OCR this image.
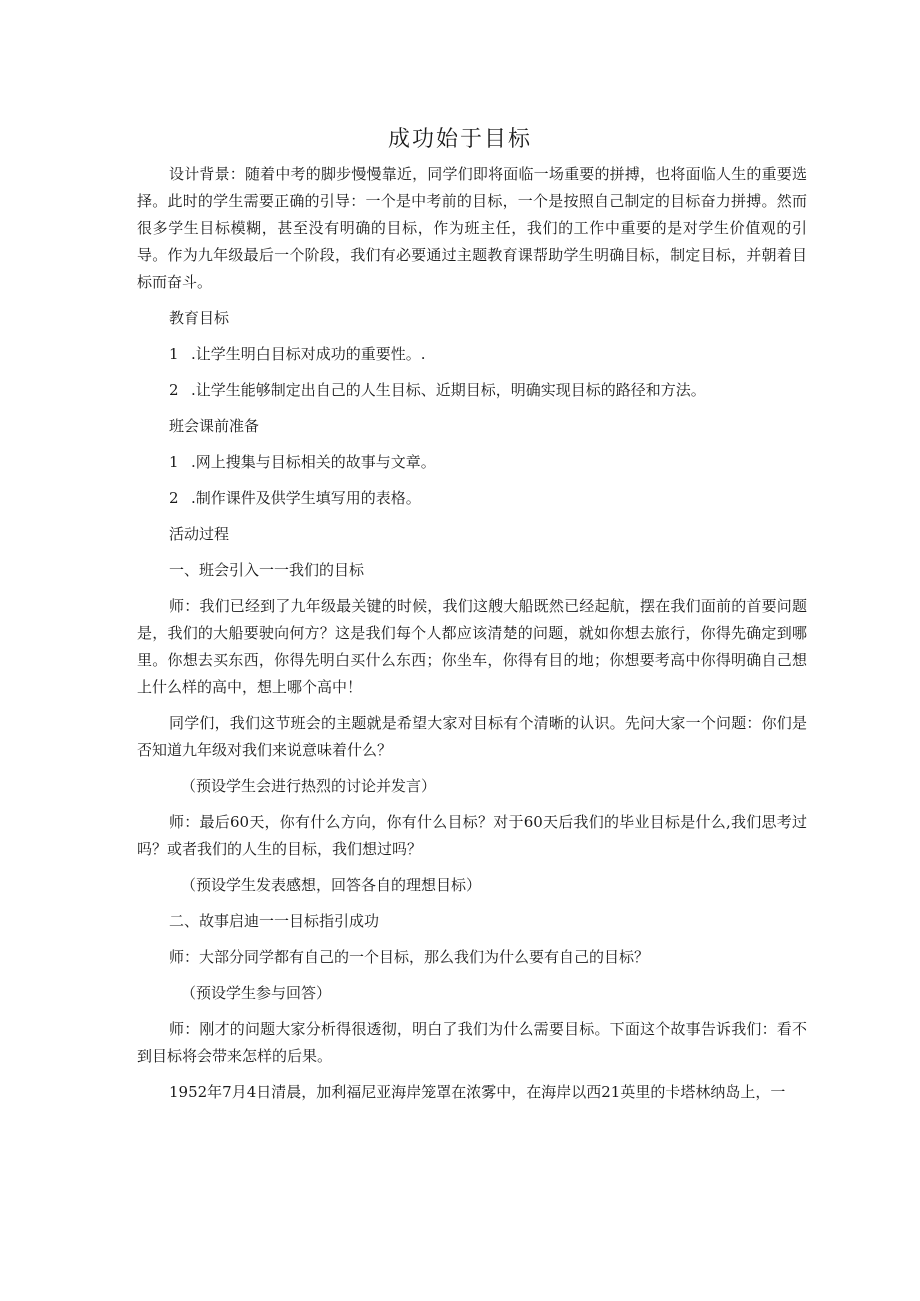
成功始于目标

设计背景：随着中考的脚步慢慢靠近，同学们即将面临一场重要的拼搏，也将面临人生的重要选择。此时的学生需要正确的引导：一个是中考前的目标，一个是按照自己制定的目标奋力拼搏。然而很多学生目标模糊，甚至没有明确的目标，作为班主任，我们的工作中重要的是对学生价值观的引导。作为九年级最后一个阶段，我们有必要通过主题教育课帮助学生明确目标，制定目标，并朝着目标而奋斗。

教育目标

1 .让学生明白目标对成功的重要性。.

2 .让学生能够制定出自己的人生目标、近期目标，明确实现目标的路径和方法。

班会课前准备

1 .网上搜集与目标相关的故事与文章。

2 .制作课件及供学生填写用的表格。

活动过程

一、班会引入一一我们的目标

师：我们已经到了九年级最关键的时候，我们这艘大船既然已经起航，摆在我们面前的首要问题是，我们的大船要驶向何方？这是我们每个人都应该清楚的问题，就如你想去旅行，你得先确定到哪里。你想去买东西，你得先明白买什么东西；你坐车，你得有目的地；你想要考高中你得明确自己想上什么样的高中，想上哪个高中！

同学们，我们这节班会的主题就是希望大家对目标有个清晰的认识。先问大家一个问题：你们是否知道九年级对我们来说意味着什么？

（预设学生会进行热烈的讨论并发言）

师：最后60天，你有什么方向，你有什么目标？对于60天后我们的毕业目标是什么,我们思考过吗？或者我们的人生的目标，我们想过吗？

（预设学生发表感想，回答各自的理想目标）

二、故事启迪一一目标指引成功

师：大部分同学都有自己的一个目标，那么我们为什么要有自己的目标？

（预设学生参与回答）

师：刚才的问题大家分析得很透彻，明白了我们为什么需要目标。下面这个故事告诉我们：看不到目标将会带来怎样的后果。

1952年7月4日清晨，加利福尼亚海岸笼罩在浓雾中，在海岸以西21英里的卡塔林纳岛上，一
